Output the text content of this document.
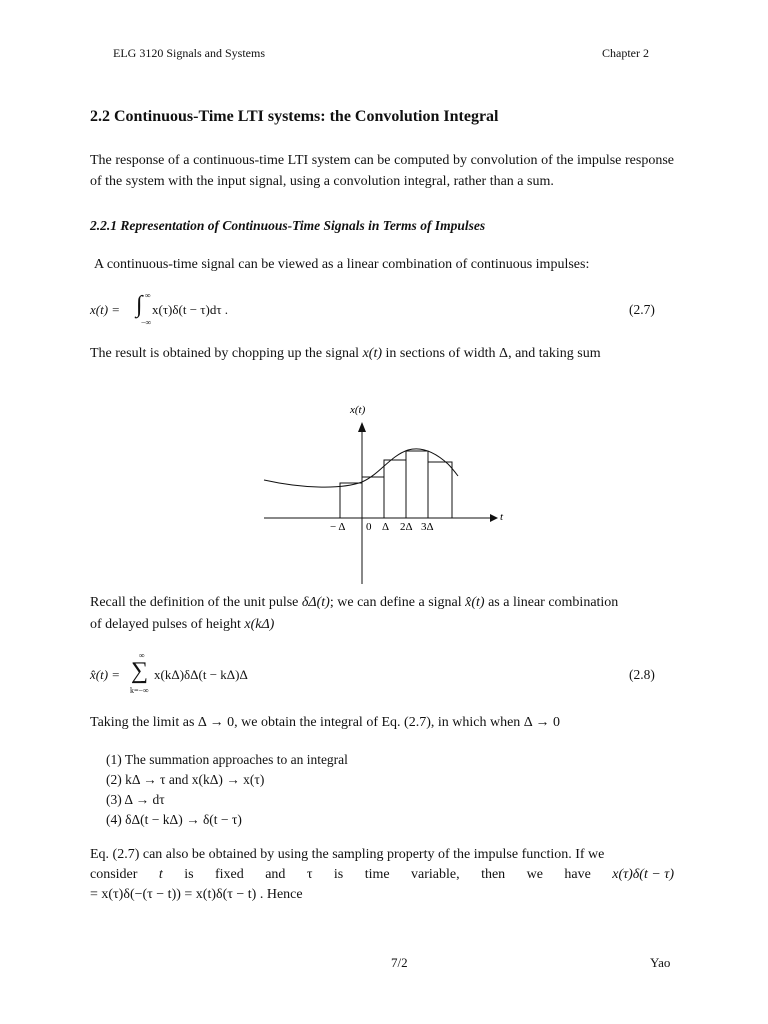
ELG 3120 Signals and Systems	Chapter 2
2.2 Continuous-Time LTI systems: the Convolution Integral
The response of a continuous-time LTI system can be computed by convolution of the impulse response of the system with the input signal, using a convolution integral, rather than a sum.
2.2.1 Representation of Continuous-Time Signals in Terms of Impulses
A continuous-time signal can be viewed as a linear combination of continuous impulses:
x(t) = ∫ ∞
−∞
x(τ)δ(t − τ)dτ .	(2.7)
The result is obtained by chopping up the signal x(t) in sections of width Δ, and taking sum
x(t)
t
− Δ 0 Δ 2Δ 3Δ
Recall the definition of the unit pulse δΔ(t); we can define a signal x̂(t) as a linear combination
of delayed pulses of height x(kΔ)
x̂(t) = ∑
∞
k=−∞
x(kΔ)δΔ(t − kΔ)Δ	(2.8)
Taking the limit as Δ → 0, we obtain the integral of Eq. (2.7), in which when Δ → 0
(1) The summation approaches to an integral
(2) kΔ → τ and x(kΔ) → x(τ)
(3) Δ → dτ
(4) δΔ(t − kΔ) → δ(t − τ)
Eq. (2.7) can also be obtained by using the sampling property of the impulse function. If we
consider t is fixed and τ is time variable, then we have x(τ)δ(t − τ)
= x(τ)δ(−(τ − t)) = x(t)δ(τ − t) . Hence
7/2	Yao
